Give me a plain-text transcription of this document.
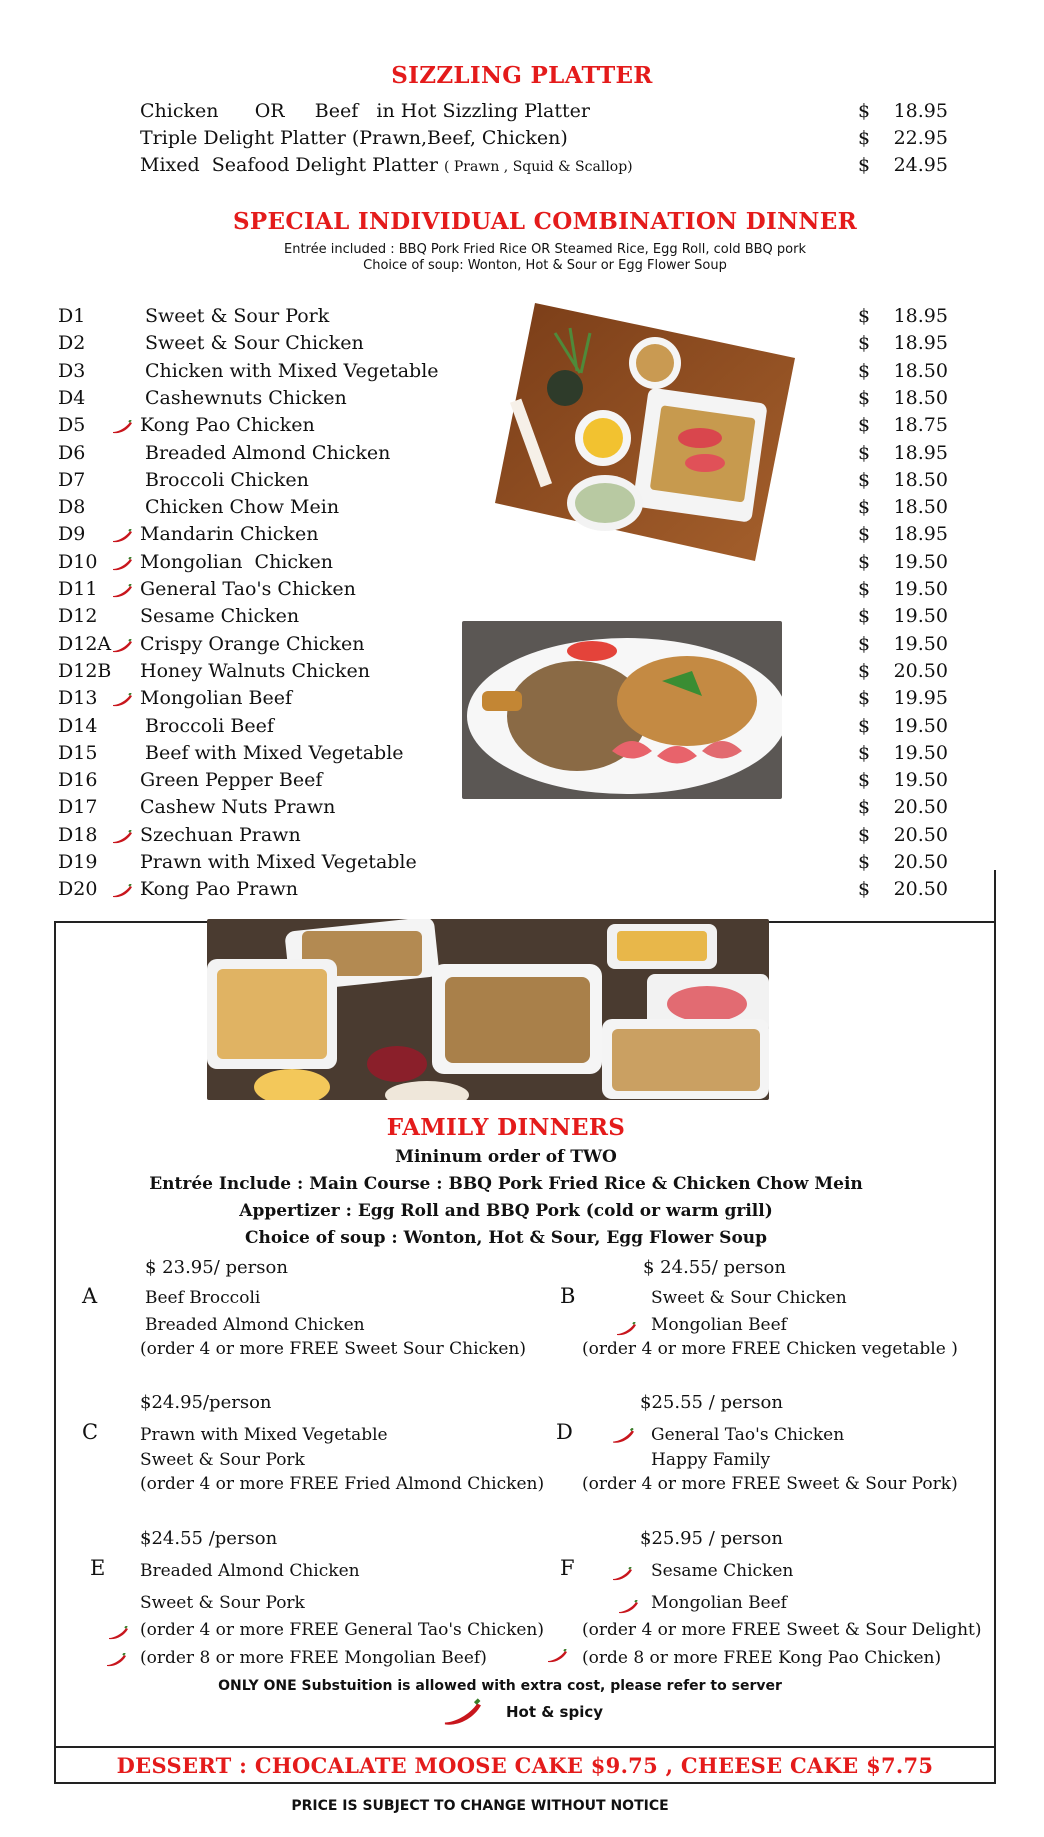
SIZZLING PLATTER
Chicken      OR     Beef   in Hot Sizzling Platter	$ 18.95
Triple Delight Platter (Prawn,Beef, Chicken)	$ 22.95
Mixed  Seafood Delight Platter ( Prawn , Squid & Scallop)	$ 24.95
SPECIAL INDIVIDUAL COMBINATION DINNER
Entrée included : BBQ Pork Fried Rice OR Steamed Rice, Egg Roll, cold BBQ pork
Choice of soup: Wonton, Hot & Sour or Egg Flower Soup
D1	Sweet & Sour Pork	$ 18.95
D2	Sweet & Sour Chicken	$ 18.95
D3	Chicken with Mixed Vegetable	$ 18.50
D4	Cashewnuts Chicken	$ 18.50
D5	Kong Pao Chicken	$ 18.75
D6	Breaded Almond Chicken	$ 18.95
D7	Broccoli Chicken	$ 18.50
D8	Chicken Chow Mein	$ 18.50
D9	Mandarin Chicken	$ 18.95
D10 Mongolian  Chicken	$ 19.50
D11 General Tao's Chicken	$ 19.50
D12 Sesame Chicken	$ 19.50
D12A Crispy Orange Chicken	$ 19.50
D12B Honey Walnuts Chicken	$ 20.50
D13 Mongolian Beef	$ 19.95
D14	Broccoli Beef	$ 19.50
D15	Beef with Mixed Vegetable	$ 19.50
D16 Green Pepper Beef	$ 19.50
D17 Cashew Nuts Prawn	$ 20.50
D18 Szechuan Prawn	$ 20.50
D19 Prawn with Mixed Vegetable	$ 20.50
D20 Kong Pao Prawn	$ 20.50
FAMILY DINNERS
Mininum order of TWO
Entrée Include : Main Course : BBQ Pork Fried Rice & Chicken Chow Mein
Appertizer : Egg Roll and BBQ Pork (cold or warm grill)
Choice of soup : Wonton, Hot & Sour, Egg Flower Soup
$ 23.95/ person
A	Beef Broccoli
Breaded Almond Chicken
(order 4 or more FREE Sweet Sour Chicken)
$ 24.55/ person
B	Sweet & Sour Chicken
Mongolian Beef
(order 4 or more FREE Chicken vegetable )
$24.95/person
C Prawn with Mixed Vegetable
Sweet & Sour Pork
(order 4 or more FREE Fried Almond Chicken)
$25.55 / person
D	General Tao's Chicken
Happy Family
(order 4 or more FREE Sweet & Sour Pork)
$24.55 /person
E Breaded Almond Chicken
Sweet & Sour Pork
(order 4 or more FREE General Tao's Chicken)
(order 8 or more FREE Mongolian Beef)
$25.95 / person
F	Sesame Chicken
Mongolian Beef
(order 4 or more FREE Sweet & Sour Delight)
(orde 8 or more FREE Kong Pao Chicken)
ONLY ONE Substuition is allowed with extra cost, please refer to server
Hot & spicy
DESSERT : CHOCALATE MOOSE CAKE $9.75 , CHEESE CAKE $7.75
PRICE IS SUBJECT TO CHANGE WITHOUT NOTICE
